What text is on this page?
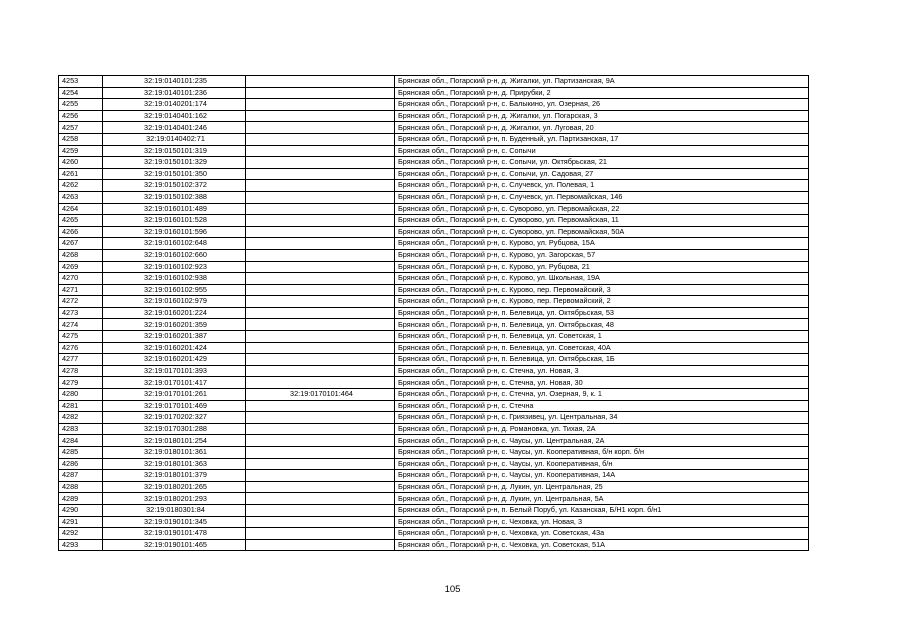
4253	32:19:0140101:235		Брянская обл., Погарский р-н, д. Жигалки, ул. Партизанская, 9А
4254	32:19:0140101:236		Брянская обл., Погарский р-н, д. Прирубки, 2
4255	32:19:0140201:174		Брянская обл., Погарский р-н, с. Балыкино, ул. Озерная, 26
4256	32:19:0140401:162		Брянская обл., Погарский р-н, д. Жигалки, ул. Погарская, 3
4257	32:19:0140401:246		Брянская обл., Погарский р-н, д. Жигалки, ул. Луговая, 20
4258	32:19:0140402:71		Брянская обл., Погарский р-н, п. Буденный, ул. Партизанская, 17
4259	32:19:0150101:319		Брянская обл., Погарский р-н, с. Сопычи
4260	32:19:0150101:329		Брянская обл., Погарский р-н, с. Сопычи, ул. Октябрьская, 21
4261	32:19:0150101:350		Брянская обл., Погарский р-н, с. Сопычи, ул. Садовая, 27
4262	32:19:0150102:372		Брянская обл., Погарский р-н, с. Случевск, ул. Полевая, 1
4263	32:19:0150102:388		Брянская обл., Погарский р-н, с. Случевск, ул. Первомайская, 146
4264	32:19:0160101:489		Брянская обл., Погарский р-н, с. Суворово, ул. Первомайская, 22
4265	32:19:0160101:528		Брянская обл., Погарский р-н, с. Суворово, ул. Первомайская, 11
4266	32:19:0160101:596		Брянская обл., Погарский р-н, с. Суворово, ул. Первомайская, 50А
4267	32:19:0160102:648		Брянская обл., Погарский р-н, с. Курово, ул. Рубцова, 15А
4268	32:19:0160102:660		Брянская обл., Погарский р-н, с. Курово, ул. Загорская, 57
4269	32:19:0160102:923		Брянская обл., Погарский р-н, с. Курово, ул. Рубцова, 21
4270	32:19:0160102:938		Брянская обл., Погарский р-н, с. Курово, ул. Школьная, 19А
4271	32:19:0160102:955		Брянская обл., Погарский р-н, с. Курово, пер. Первомайский, 3
4272	32:19:0160102:979		Брянская обл., Погарский р-н, с. Курово, пер. Первомайский, 2
4273	32:19:0160201:224		Брянская обл., Погарский р-н, п. Белевица, ул. Октябрьская, 53
4274	32:19:0160201:359		Брянская обл., Погарский р-н, п. Белевица, ул. Октябрьская, 48
4275	32:19:0160201:387		Брянская обл., Погарский р-н, п. Белевица, ул. Советская, 1
4276	32:19:0160201:424		Брянская обл., Погарский р-н, п. Белевица, ул. Советская, 40А
4277	32:19:0160201:429		Брянская обл., Погарский р-н, п. Белевица, ул. Октябрьская, 1Б
4278	32:19:0170101:393		Брянская обл., Погарский р-н, с. Стечна, ул. Новая, 3
4279	32:19:0170101:417		Брянская обл., Погарский р-н, с. Стечна, ул. Новая, 30
4280	32:19:0170101:261	32:19:0170101:464	Брянская обл., Погарский р-н, с. Стечна, ул. Озерная, 9, к. 1
4281	32:19:0170101:469		Брянская обл., Погарский р-н, с. Стечна
4282	32:19:0170202:327		Брянская обл., Погарский р-н, с. Гриязивец, ул. Центральная, 34
4283	32:19:0170301:288		Брянская обл., Погарский р-н, д. Романовка, ул. Тихая, 2А
4284	32:19:0180101:254		Брянская обл., Погарский р-н, с. Чаусы, ул. Центральная, 2А
4285	32:19:0180101:361		Брянская обл., Погарский р-н, с. Чаусы, ул. Кооперативная, б/н корп. б/н
4286	32:19:0180101:363		Брянская обл., Погарский р-н, с. Чаусы, ул. Кооперативная, б/н
4287	32:19:0180101:379		Брянская обл., Погарский р-н, с. Чаусы, ул. Кооперативная, 14А
4288	32:19:0180201:265		Брянская обл., Погарский р-н, д. Лукин, ул. Центральная, 25
4289	32:19:0180201:293		Брянская обл., Погарский р-н, д. Лукин, ул. Центральная, 5А
4290	32:19:0180301:84		Брянская обл., Погарский р-н, п. Белый Поруб, ул. Казанская, Б/Н1 корп. б/н1
4291	32:19:0190101:345		Брянская обл., Погарский р-н, с. Чеховка, ул. Новая, 3
4292	32:19:0190101:478		Брянская обл., Погарский р-н, с. Чеховка, ул. Советская, 43а
4293	32:19:0190101:465		Брянская обл., Погарский р-н, с. Чеховка, ул. Советская, 51А
105
